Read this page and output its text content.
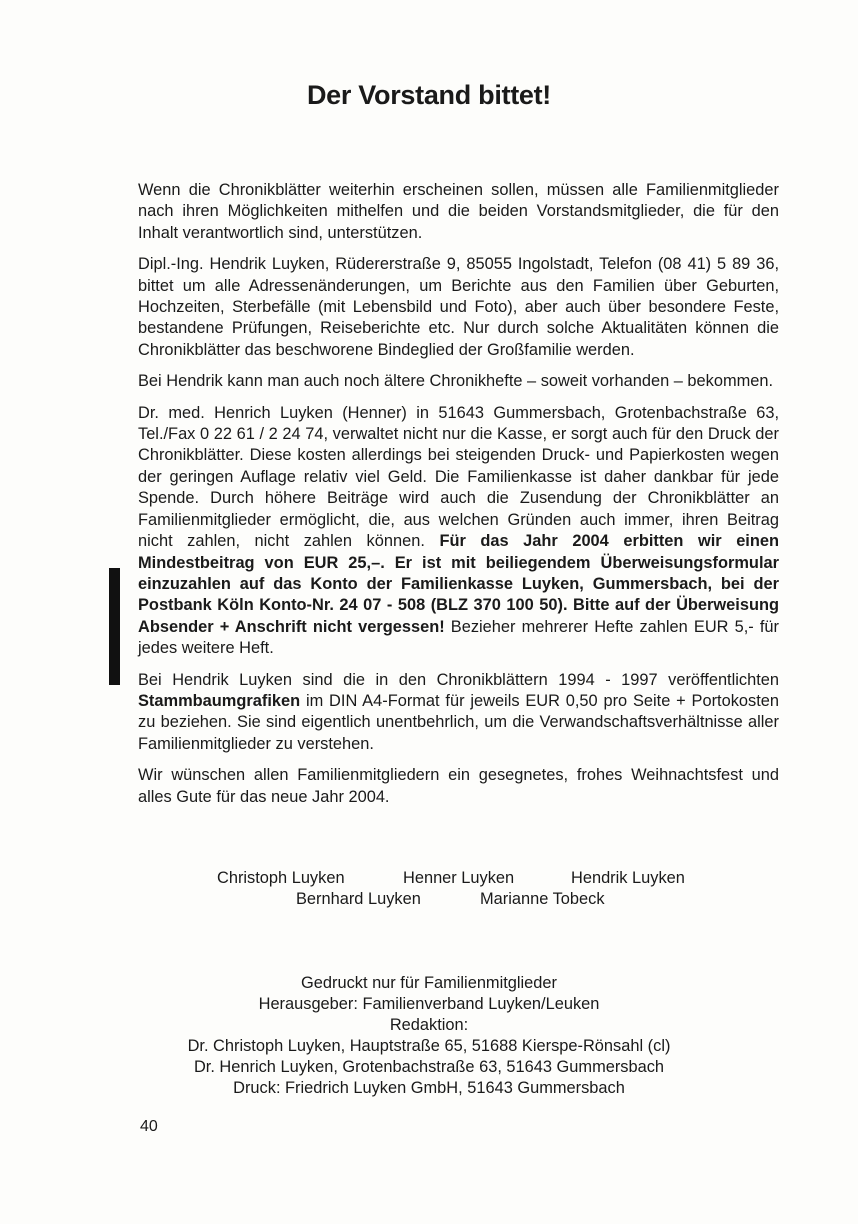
Der Vorstand bittet!

Wenn die Chronikblätter weiterhin erscheinen sollen, müssen alle Familienmitglieder nach ihren Möglichkeiten mithelfen und die beiden Vorstandsmitglieder, die für den Inhalt verantwortlich sind, unterstützen.

Dipl.-Ing. Hendrik Luyken, Rüdererstraße 9, 85055 Ingolstadt, Telefon (08 41) 5 89 36, bittet um alle Adressenänderungen, um Berichte aus den Familien über Geburten, Hochzeiten, Sterbefälle (mit Lebensbild und Foto), aber auch über besondere Feste, bestandene Prüfungen, Reiseberichte etc. Nur durch solche Aktualitäten können die Chronikblätter das beschworene Bindeglied der Großfamilie werden.

Bei Hendrik kann man auch noch ältere Chronikhefte – soweit vorhanden – bekommen.

Dr. med. Henrich Luyken (Henner) in 51643 Gummersbach, Grotenbachstraße 63, Tel./Fax 0 22 61 / 2 24 74, verwaltet nicht nur die Kasse, er sorgt auch für den Druck der Chronikblätter. Diese kosten allerdings bei steigenden Druck- und Papierkosten wegen der geringen Auflage relativ viel Geld. Die Familienkasse ist daher dankbar für jede Spende. Durch höhere Beiträge wird auch die Zusendung der Chronikblätter an Familienmitglieder ermöglicht, die, aus welchen Gründen auch immer, ihren Beitrag nicht zahlen, nicht zahlen können. Für das Jahr 2004 erbitten wir einen Mindestbeitrag von EUR 25,–. Er ist mit beiliegendem Überweisungsformular einzuzahlen auf das Konto der Familienkasse Luyken, Gummersbach, bei der Postbank Köln Konto-Nr. 24 07 - 508 (BLZ 370 100 50). Bitte auf der Überweisung Absender + Anschrift nicht vergessen! Bezieher mehrerer Hefte zahlen EUR 5,- für jedes weitere Heft.

Bei Hendrik Luyken sind die in den Chronikblättern 1994 - 1997 veröffentlichten Stammbaumgrafiken im DIN A4-Format für jeweils EUR 0,50 pro Seite + Portokosten zu beziehen. Sie sind eigentlich unentbehrlich, um die Verwandschaftsverhältnisse aller Familienmitglieder zu verstehen.

Wir wünschen allen Familienmitgliedern ein gesegnetes, frohes Weihnachtsfest und alles Gute für das neue Jahr 2004.

Christoph Luyken	Henner Luyken	Hendrik Luyken
Bernhard Luyken	Marianne Tobeck
Gedruckt nur für Familienmitglieder
Herausgeber: Familienverband Luyken/Leuken
Redaktion:
Dr. Christoph Luyken, Hauptstraße 65, 51688 Kierspe-Rönsahl (cl)
Dr. Henrich Luyken, Grotenbachstraße 63, 51643 Gummersbach
Druck: Friedrich Luyken GmbH, 51643 Gummersbach
40
